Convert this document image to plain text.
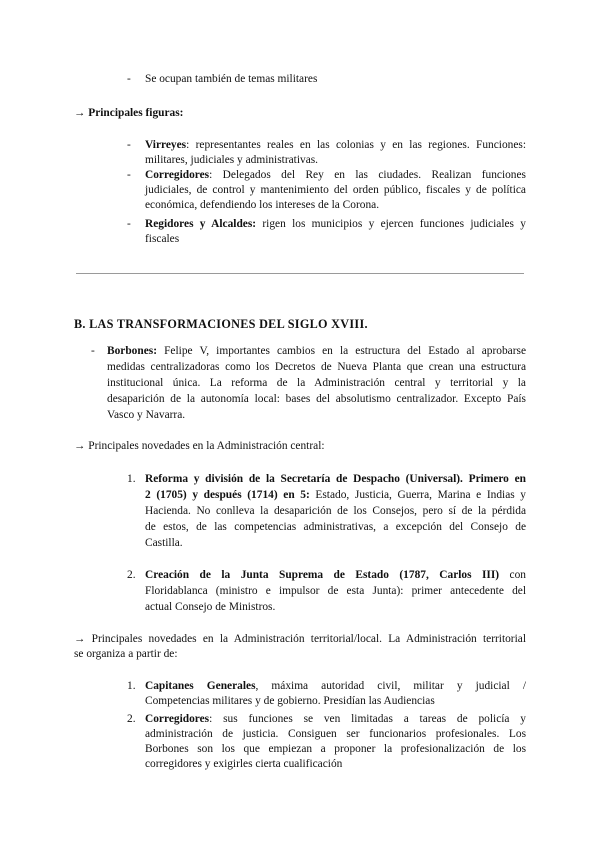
- Se ocupan también de temas militares
→ Principales figuras:
- Virreyes: representantes reales en las colonias y en las regiones. Funciones:
militares, judiciales y administrativas.
- Corregidores: Delegados del Rey en las ciudades. Realizan funciones
judiciales, de control y mantenimiento del orden público, fiscales y de política
económica, defendiendo los intereses de la Corona.
- Regidores y Alcaldes: rigen los municipios y ejercen funciones judiciales y
fiscales
B. LAS TRANSFORMACIONES DEL SIGLO XVIII.
- Borbones: Felipe V, importantes cambios en la estructura del Estado al aprobarse
medidas centralizadoras como los Decretos de Nueva Planta que crean una estructura
institucional única. La reforma de la Administración central y territorial y la
desaparición de la autonomía local: bases del absolutismo centralizador. Excepto País
Vasco y Navarra.
→ Principales novedades en la Administración central:
1. Reforma y división de la Secretaría de Despacho (Universal). Primero en
2 (1705) y después (1714) en 5: Estado, Justicia, Guerra, Marina e Indias y
Hacienda. No conlleva la desaparición de los Consejos, pero sí de la pérdida
de estos, de las competencias administrativas, a excepción del Consejo de
Castilla.
2. Creación de la Junta Suprema de Estado (1787, Carlos III) con
Floridablanca (ministro e impulsor de esta Junta): primer antecedente del
actual Consejo de Ministros.
→ Principales novedades en la Administración territorial/local. La Administración territorial
se organiza a partir de:
1. Capitanes Generales, máxima autoridad civil, militar y judicial /
Competencias militares y de gobierno. Presidían las Audiencias
2. Corregidores: sus funciones se ven limitadas a tareas de policía y
administración de justicia. Consiguen ser funcionarios profesionales. Los
Borbones son los que empiezan a proponer la profesionalización de los
corregidores y exigirles cierta cualificación
